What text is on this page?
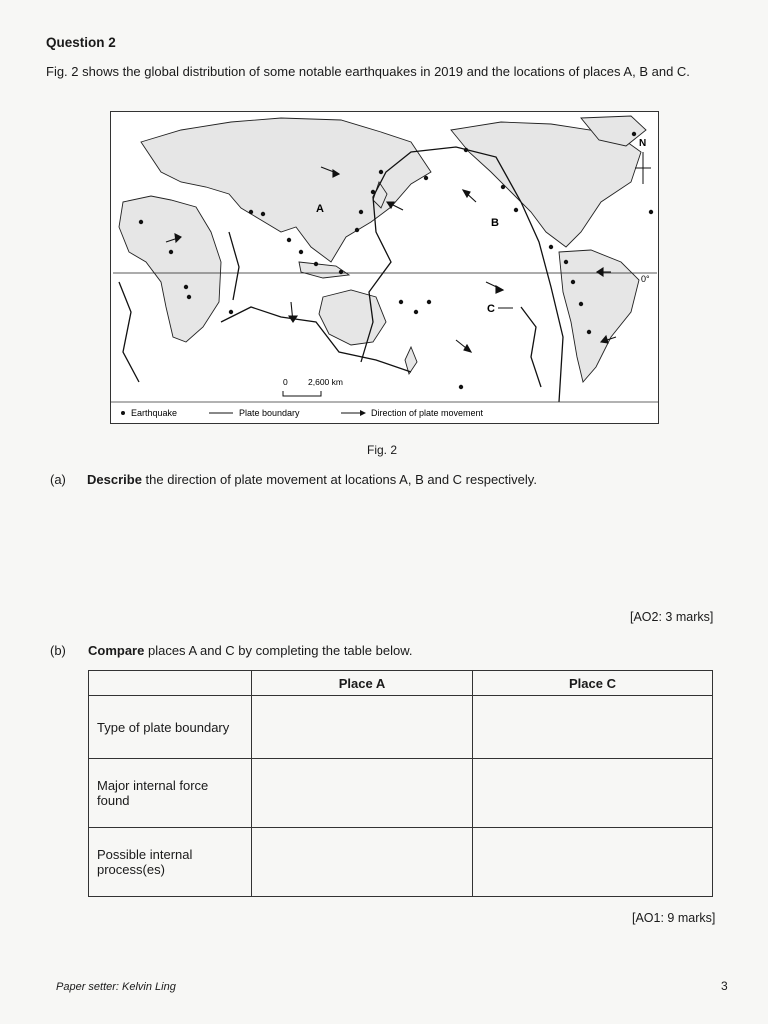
Question 2
Fig. 2 shows the global distribution of some notable earthquakes in 2019 and the locations of places A, B and C.
0°
A
B
C
N
0 2,600 km
Earthquake	Plate boundary	Direction of plate movement
Fig. 2
(a) Describe the direction of plate movement at locations A, B and C respectively.
[AO2: 3 marks]
(b) Compare places A and C by completing the table below.
	Place A	Place C
Type of plate boundary		
Major internal force found		
Possible internal process(es)		
[AO1: 9 marks]
Paper setter: Kelvin Ling	3
